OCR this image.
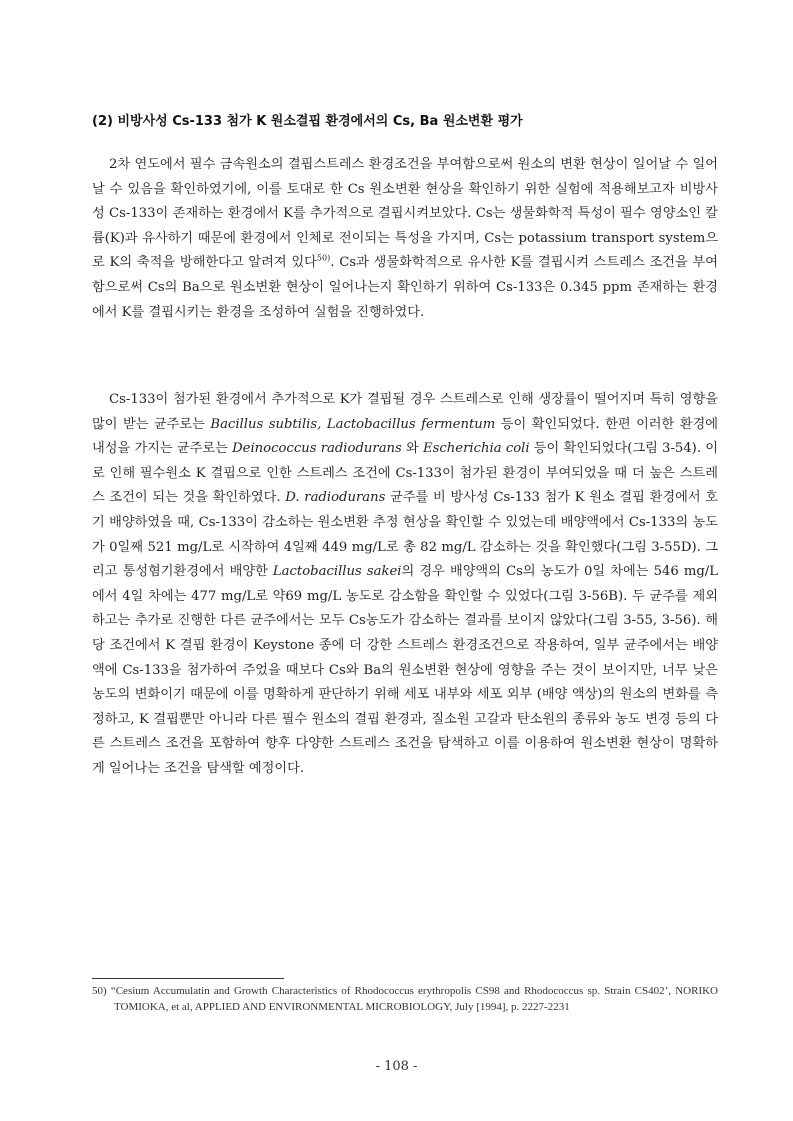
(2) 비방사성 Cs-133 첨가 K 원소결핍 환경에서의 Cs, Ba 원소변환 평가

2차 연도에서 필수 금속원소의 결핍스트레스 환경조건을 부여함으로써 원소의 변환 현상이 일어날 수 일어날 수 있음을 확인하였기에, 이를 토대로 한 Cs 원소변환 현상을 확인하기 위한 실험에 적용해보고자 비방사성 Cs-133이 존재하는 환경에서 K를 추가적으로 결핍시켜보았다. Cs는 생물화학적 특성이 필수 영양소인 칼륨(K)과 유사하기 때문에 환경에서 인체로 전이되는 특성을 가지며, Cs는 potassium transport system으로 K의 축적을 방해한다고 알려져 있다$^{50)}$. Cs과 생물화학적으로 유사한 K를 결핍시켜 스트레스 조건을 부여함으로써 Cs의 Ba으로 원소변환 현상이 일어나는지 확인하기 위하여 Cs-133은 0.345 ppm 존재하는 환경에서 K를 결핍시키는 환경을 조성하여 실험을 진행하였다.

Cs-133이 첨가된 환경에서 추가적으로 K가 결핍될 경우 스트레스로 인해 생장률이 떨어지며 특히 영향을 많이 받는 균주로는 Bacillus subtilis, Lactobacillus fermentum 등이 확인되었다. 한편 이러한 환경에 내성을 가지는 균주로는 Deinococcus radiodurans 와 Escherichia coli 등이 확인되었다(그림 3-54). 이로 인해 필수원소 K 결핍으로 인한 스트레스 조건에 Cs-133이 첨가된 환경이 부여되었을 때 더 높은 스트레스 조건이 되는 것을 확인하였다. D. radiodurans 균주를 비 방사성 Cs-133 첨가 K 원소 결핍 환경에서 호기 배양하였을 때, Cs-133이 감소하는 원소변환 추정 현상을 확인할 수 있었는데 배양액에서 Cs-133의 농도가 0일째 521 mg/L로 시작하여 4일째 449 mg/L로 총 82 mg/L 감소하는 것을 확인했다(그림 3-55D). 그리고 통성혐기환경에서 배양한 Lactobacillus sakei의 경우 배양액의 Cs의 농도가 0일 차에는 546 mg/L에서 4일 차에는 477 mg/L로 약69 mg/L 농도로 감소함을 확인할 수 있었다(그림 3-56B). 두 균주를 제외하고는 추가로 진행한 다른 균주에서는 모두 Cs농도가 감소하는 결과를 보이지 않았다(그림 3-55, 3-56). 해당 조건에서 K 결핍 환경이 Keystone 종에 더 강한 스트레스 환경조건으로 작용하여, 일부 균주에서는 배양액에 Cs-133을 첨가하여 주었을 때보다 Cs와 Ba의 원소변환 현상에 영향을 주는 것이 보이지만, 너무 낮은 농도의 변화이기 때문에 이를 명확하게 판단하기 위해 세포 내부와 세포 외부 (배양 액상)의 원소의 변화를 측정하고, K 결핍뿐만 아니라 다른 필수 원소의 결핍 환경과, 질소원 고갈과 탄소원의 종류와 농도 변경 등의 다른 스트레스 조건을 포함하여 향후 다양한 스트레스 조건을 탐색하고 이를 이용하여 원소변환 현상이 명확하게 일어나는 조건을 탐색할 예정이다.

50) “Cesium Accumulatin and Growth Characteristics of Rhodococcus erythropolis CS98 and Rhodococcus sp. Strain CS402’, NORIKO TOMIOKA, et al, APPLIED AND ENVIRONMENTAL MICROBIOLOGY, July [1994], p. 2227-2231
- 108 -
